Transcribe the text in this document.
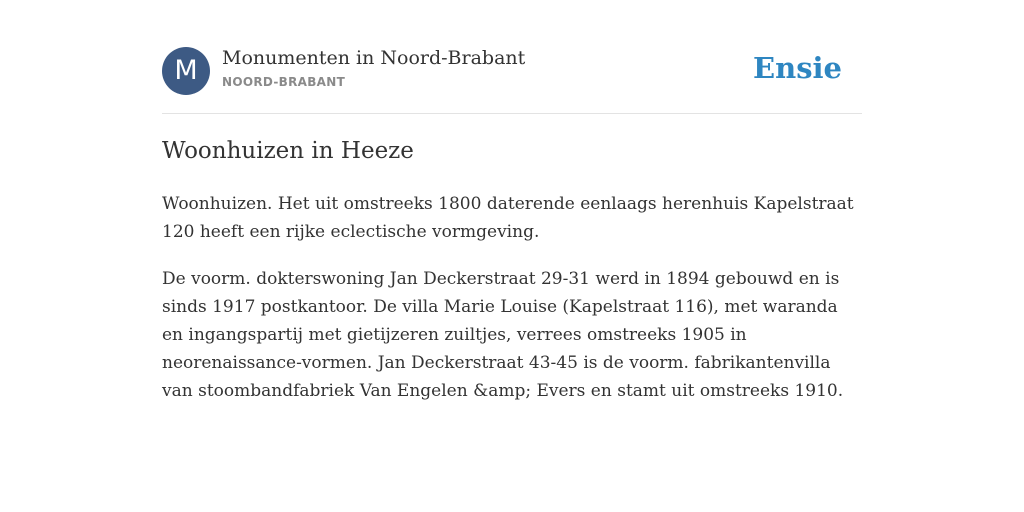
M	Monumenten in Noord-Brabant
NOORD-BRABANT	Ensie
Woonhuizen in Heeze

Woonhuizen. Het uit omstreeks 1800 daterende eenlaags herenhuis Kapelstraat 120 heeft een rijke eclectische vormgeving.

De voorm. dokterswoning Jan Deckerstraat 29-31 werd in 1894 gebouwd en is sinds 1917 postkantoor. De villa Marie Louise (Kapelstraat 116), met waranda en ingangspartij met gietijzeren zuiltjes, verrees omstreeks 1905 in neorenaissance-vormen. Jan Deckerstraat 43-45 is de voorm. fabrikantenvilla van stoombandfabriek Van Engelen &amp; Evers en stamt uit omstreeks 1910.
